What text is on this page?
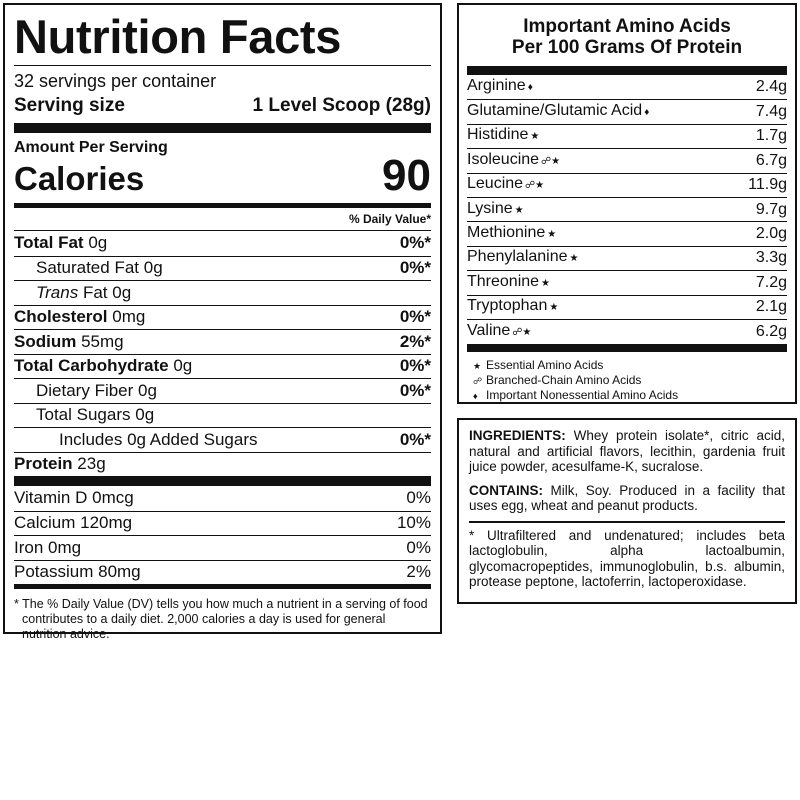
Nutrition Facts
32 servings per container
Serving size	1 Level Scoop (28g)
Amount Per Serving
Calories	90
% Daily Value*
Total Fat 0g	0%*
Saturated Fat 0g	0%*
Trans Fat 0g
Cholesterol 0mg	0%*
Sodium 55mg	2%*
Total Carbohydrate 0g	0%*
Dietary Fiber 0g	0%*
Total Sugars 0g
Includes 0g Added Sugars	0%*
Protein 23g
Vitamin D 0mcg	0%
Calcium 120mg	10%
Iron 0mg	0%
Potassium 80mg	2%
* The % Daily Value (DV) tells you how much a nutrient in a serving of food contributes to a daily diet. 2,000 calories a day is used for general nutrition advice.
Important Amino Acids
Per 100 Grams Of Protein
Arginine ♦	2.4g
Glutamine/Glutamic Acid ♦	7.4g
Histidine ★	1.7g
Isoleucine ☍★	6.7g
Leucine ☍★	11.9g
Lysine ★	9.7g
Methionine ★	2.0g
Phenylalanine ★	3.3g
Threonine ★	7.2g
Tryptophan ★	2.1g
Valine ☍★	6.2g
★ Essential Amino Acids
☍ Branched-Chain Amino Acids
♦ Important Nonessential Amino Acids

INGREDIENTS: Whey protein isolate*, citric acid, natural and artificial flavors, lecithin, gardenia fruit juice powder, acesulfame-K, sucralose.

CONTAINS: Milk, Soy. Produced in a facility that uses egg, wheat and peanut products.

* Ultrafiltered and undenatured; includes beta lactoglobulin, alpha lactoalbumin, glycomacropeptides, immunoglobulin, b.s. albumin, protease peptone, lactoferrin, lactoperoxidase.
